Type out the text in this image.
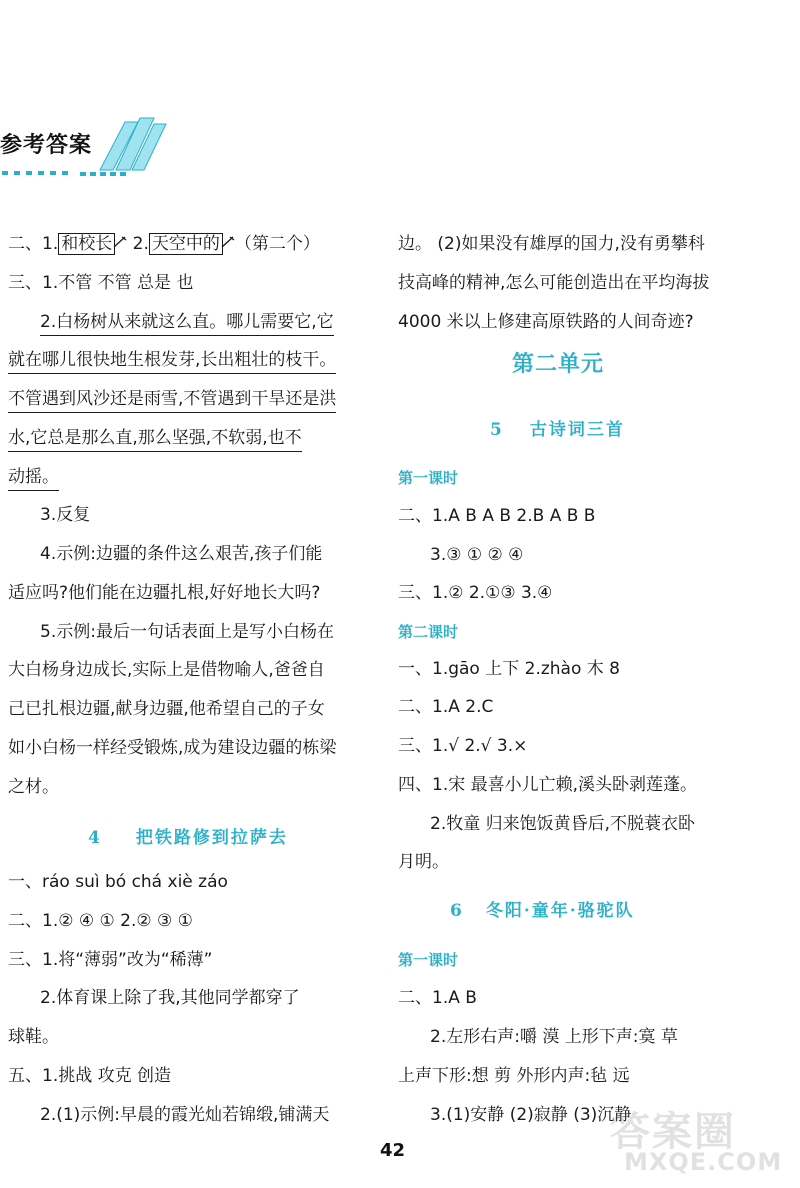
参考答案
二、1. 和校长 2. 天空中的 （第二个）
三、1.不管 不管 总是 也
2.白杨树从来就这么直。哪儿需要它,它
就在哪儿很快地生根发芽,长出粗壮的枝干。
不管遇到风沙还是雨雪,不管遇到干旱还是洪
水,它总是那么直,那么坚强,不软弱,也不
动摇。
3.反复
4.示例:边疆的条件这么艰苦,孩子们能
适应吗?他们能在边疆扎根,好好地长大吗?
5.示例:最后一句话表面上是写小白杨在
大白杨身边成长,实际上是借物喻人,爸爸自
己已扎根边疆,献身边疆,他希望自己的子女
如小白杨一样经受锻炼,成为建设边疆的栋梁
之材。
4 把铁路修到拉萨去
一、ráo suì bó chá xiè záo
二、1.② ④ ① 2.② ③ ①
三、1.将“薄弱”改为“稀薄”
2.体育课上除了我,其他同学都穿了
球鞋。
五、1.挑战 攻克 创造
2.(1)示例:早晨的霞光灿若锦缎,铺满天
边。 (2)如果没有雄厚的国力,没有勇攀科
技高峰的精神,怎么可能创造出在平均海拔
4000 米以上修建高原铁路的人间奇迹?
第二单元
5 古诗词三首
第一课时
二、1.A B A B 2.B A B B
3.③ ① ② ④
三、1.② 2.①③ 3.④
第二课时
一、1.gāo 上下 2.zhào 木 8
二、1.A 2.C
三、1.√ 2.√ 3.×
四、1.宋 最喜小儿亡赖,溪头卧剥莲蓬。
2.牧童 归来饱饭黄昏后,不脱蓑衣卧
月明。
6 冬阳·童年·骆驼队
第一课时
二、1.A B
2.左形右声:嚼 漠 上形下声:寞 草
上声下形:想 剪 外形内声:毡 远
3.(1)安静 (2)寂静 (3)沉静
42	答案圈
MXQE.COM
